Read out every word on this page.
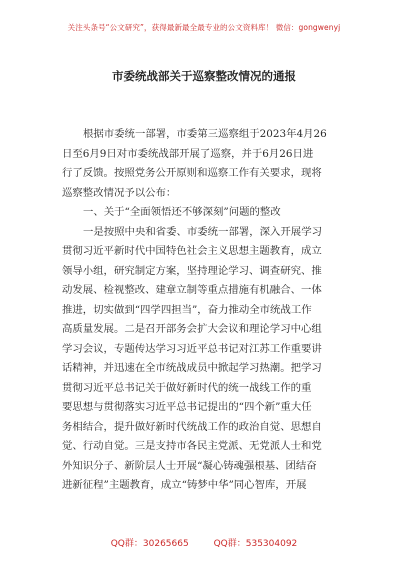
关注头条号“公文研究”，获得最新最全最专业的公文资料库！ 微信：gongwenyj
市委统战部关于巡察整改情况的通报
根据市委统一部署，市委第三巡察组于2023年4月26
日至6月9日对市委统战部开展了巡察，并于6月26日进
行了反馈。按照党务公开原则和巡察工作有关要求，现将
巡察整改情况予以公布：
一、关于“全面领悟还不够深刻”问题的整改
一是按照中央和省委、市委统一部署，深入开展学习
贯彻习近平新时代中国特色社会主义思想主题教育，成立
领导小组，研究制定方案，坚持理论学习、调查研究、推
动发展、检视整改、建章立制等重点措施有机融合、一体
推进，切实做到“四学四担当”，奋力推动全市统战工作
高质量发展。二是召开部务会扩大会议和理论学习中心组
学习会议，专题传达学习习近平总书记对江苏工作重要讲
话精神，并迅速在全市统战成员中掀起学习热潮。把学习
贯彻习近平总书记关于做好新时代的统一战线工作的重
要思想与贯彻落实习近平总书记提出的“四个新”重大任
务相结合，提升做好新时代统战工作的政治自觉、思想自
觉、行动自觉。三是支持市各民主党派、无党派人士和党
外知识分子、新阶层人士开展“凝心铸魂强根基、团结奋
进新征程”主题教育，成立“铸梦中华”同心智库，开展
QQ群：30265665	QQ群：535304092
